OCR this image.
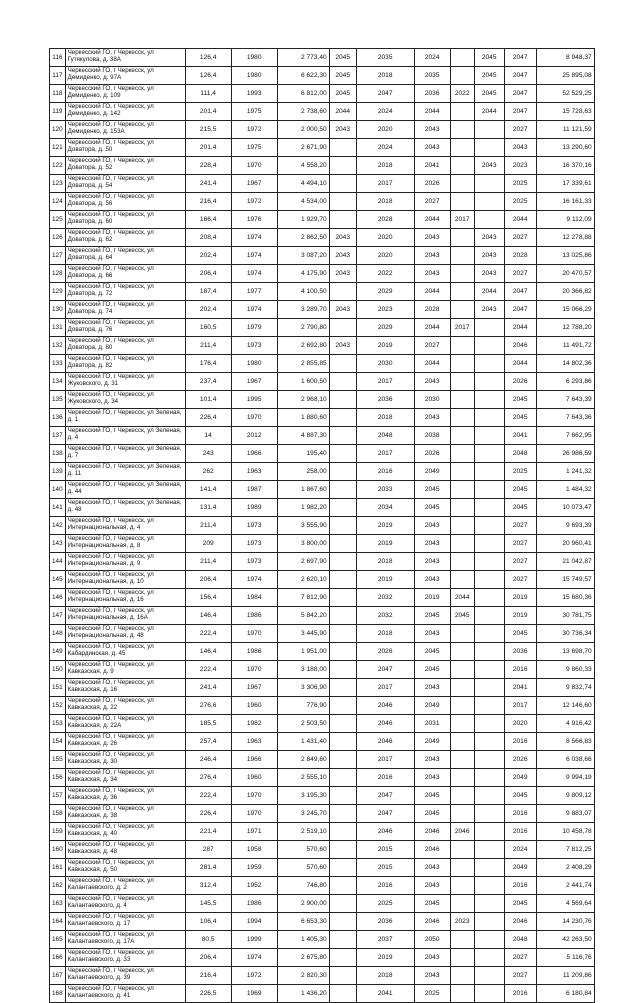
116	Черкесский ГО, г Черкесск, ул Гутякулова, д. 38А	126,4	1980	2 773,40	2045	2035	2024		2045	2047	8 948,37
117	Черкесский ГО, г Черкесск, ул Демиденко, д. 97А	126,4	1980	6 622,30	2045	2018	2035		2045	2047	25 895,08
118	Черкесский ГО, г Черкесск, ул Демиденко, д. 109	111,4	1993	6 812,00	2045	2047	2036	2022	2045	2047	52 529,25
119	Черкесский ГО, г Черкесск, ул Демиденко, д. 142	201,4	1975	2 738,60	2044	2024	2044		2044	2047	15 728,63
120	Черкесский ГО, г Черкесск, ул Демиденко, д. 153А	215,5	1972	2 000,50	2043	2020	2043			2027	11 121,59
121	Черкесский ГО, г Черкесск, ул Доватора, д. 50	201,4	1975	2 671,90		2024	2043			2043	13 290,60
122	Черкесский ГО, г Черкесск, ул Доватора, д. 52	228,4	1970	4 558,20		2018	2041		2043	2023	16 370,16
123	Черкесский ГО, г Черкесск, ул Доватора, д. 54	241,4	1967	4 494,10		2017	2026			2025	17 339,61
124	Черкесский ГО, г Черкесск, ул Доватора, д. 56	216,4	1972	4 534,00		2018	2027			2025	16 161,33
125	Черкесский ГО, г Черкесск, ул Доватора, д. 60	166,4	1976	1 929,70		2028	2044	2017		2044	9 112,09
126	Черкесский ГО, г Черкесск, ул Доватора, д. 62	208,4	1974	2 862,50	2043	2020	2043		2043	2027	12 278,88
127	Черкесский ГО, г Черкесск, ул Доватора, д. 64	202,4	1974	3 087,20	2043	2020	2043		2043	2028	13 025,86
128	Черкесский ГО, г Черкесск, ул Доватора, д. 66	206,4	1974	4 175,90	2043	2022	2043		2043	2027	20 470,57
129	Черкесский ГО, г Черкесск, ул Доватора, д. 72	187,4	1977	4 100,50		2029	2044		2044	2047	20 366,82
130	Черкесский ГО, г Черкесск, ул Доватора, д. 74	202,4	1974	3 289,70	2043	2023	2028		2043	2047	15 066,29
131	Черкесский ГО, г Черкесск, ул Доватора, д. 76	160,5	1979	2 790,80		2029	2044	2017		2044	12 788,20
132	Черкесский ГО, г Черкесск, ул Доватора, д. 80	211,4	1973	2 692,80	2043	2019	2027			2046	11 491,72
133	Черкесский ГО, г Черкесск, ул Доватора, д. 82	176,4	1980	2 855,85		2030	2044			2044	14 802,36
134	Черкесский ГО, г Черкесск, ул Жуковского, д. 31	237,4	1967	1 600,50		2017	2043			2026	6 293,86
135	Черкесский ГО, г Черкесск, ул Жуковского, д. 34	101,4	1995	2 968,10		2036	2030			2045	7 643,39
136	Черкесский ГО, г Черкесск, ул Зеленая, д. 1	226,4	1970	1 880,60		2018	2043			2045	7 643,36
137	Черкесский ГО, г Черкесск, ул Зеленая, д. 4	14	2012	4 887,30		2048	2038			2041	7 662,95
138	Черкесский ГО, г Черкесск, ул Зеленая, д. 7	243	1966	195,40		2017	2026			2048	26 986,59
139	Черкесский ГО, г Черкесск, ул Зеленая, д. 11	262	1963	258,00		2016	2049			2025	1 241,32
140	Черкесский ГО, г Черкесск, ул Зеленая, д. 44	141,4	1987	1 867,60		2033	2045			2045	1 484,32
141	Черкесский ГО, г Черкесск, ул Зеленая, д. 48	131,4	1989	1 982,20		2034	2045			2045	10 073,47
142	Черкесский ГО, г Черкесск, ул Интернациональная, д. 4	211,4	1973	3 555,90		2019	2043			2027	9 693,39
143	Черкесский ГО, г Черкесск, ул Интернациональная, д. 8	209	1973	3 800,00		2019	2043			2027	20 960,41
144	Черкесский ГО, г Черкесск, ул Интернациональная, д. 9	211,4	1973	2 697,90		2018	2043			2027	21 042,87
145	Черкесский ГО, г Черкесск, ул Интернациональная, д. 10	206,4	1974	2 620,10		2019	2043			2027	15 749,57
146	Черкесский ГО, г Черкесск, ул Интернациональная, д. 16	156,4	1984	7 812,90		2032	2019	2044		2019	15 680,36
147	Черкесский ГО, г Черкесск, ул Интернациональная, д. 16А	146,4	1986	5 842,20		2032	2045	2045		2019	30 781,75
148	Черкесский ГО, г Черкесск, ул Интернациональная, д. 48	222,4	1970	3 445,90		2018	2043			2045	30 736,34
149	Черкесский ГО, г Черкесск, ул Кабардинская, д. 45	146,4	1986	1 951,00		2026	2045			2036	13 698,70
150	Черкесский ГО, г Черкесск, ул Кавказская, д. 9	222,4	1970	3 188,00		2047	2045			2016	9 860,33
151	Черкесский ГО, г Черкесск, ул Кавказская, д. 16	241,4	1967	3 306,90		2017	2043			2041	9 832,74
152	Черкесский ГО, г Черкесск, ул Кавказская, д. 22	276,6	1960	776,90		2046	2049			2017	12 146,60
153	Черкесский ГО, г Черкесск, ул Кавказская, д. 22А	185,5	1982	2 503,50		2046	2031			2020	4 916,42
154	Черкесский ГО, г Черкесск, ул Кавказская, д. 26	257,4	1963	1 431,40		2046	2049			2016	8 566,83
155	Черкесский ГО, г Черкесск, ул Кавказская, д. 30	246,4	1966	2 849,60		2017	2043			2026	6 038,66
156	Черкесский ГО, г Черкесск, ул Кавказская, д. 34	276,4	1960	2 555,10		2016	2043			2049	9 994,19
157	Черкесский ГО, г Черкесск, ул Кавказская, д. 36	222,4	1970	3 195,30		2047	2045			2045	9 809,12
158	Черкесский ГО, г Черкесск, ул Кавказская, д. 38	226,4	1970	3 245,70		2047	2045			2016	9 883,07
159	Черкесский ГО, г Черкесск, ул Кавказская, д. 40	221,4	1971	2 519,10		2046	2046	2046		2016	10 458,78
160	Черкесский ГО, г Черкесск, ул Кавказская, д. 48	287	1958	570,60		2015	2046			2024	7 812,25
161	Черкесский ГО, г Черкесск, ул Кавказская, д. 50	281,4	1959	570,60		2015	2043			2049	2 408,29
162	Черкесский ГО, г Черкесск, ул Калантаевского, д. 2	312,4	1952	746,80		2016	2043			2016	2 441,74
163	Черкесский ГО, г Черкесск, ул Калантаевского, д. 4	145,5	1986	2 900,00		2025	2045			2045	4 569,64
164	Черкесский ГО, г Черкесск, ул Калантаевского, д. 17	106,4	1994	6 653,30		2036	2046	2023		2046	14 230,76
165	Черкесский ГО, г Черкесск, ул Калантаевского, д. 17А	80,5	1999	1 405,30		2037	2050			2048	42 263,50
166	Черкесский ГО, г Черкесск, ул Калантаевского, д. 33	206,4	1974	2 675,80		2019	2043			2027	5 116,76
167	Черкесский ГО, г Черкесск, ул Калантаевского, д. 39	216,4	1972	2 820,30		2018	2043			2027	11 209,86
168	Черкесский ГО, г Черкесск, ул Калантаевского, д. 41	226,5	1969	1 436,20		2041	2025			2016	6 180,84
